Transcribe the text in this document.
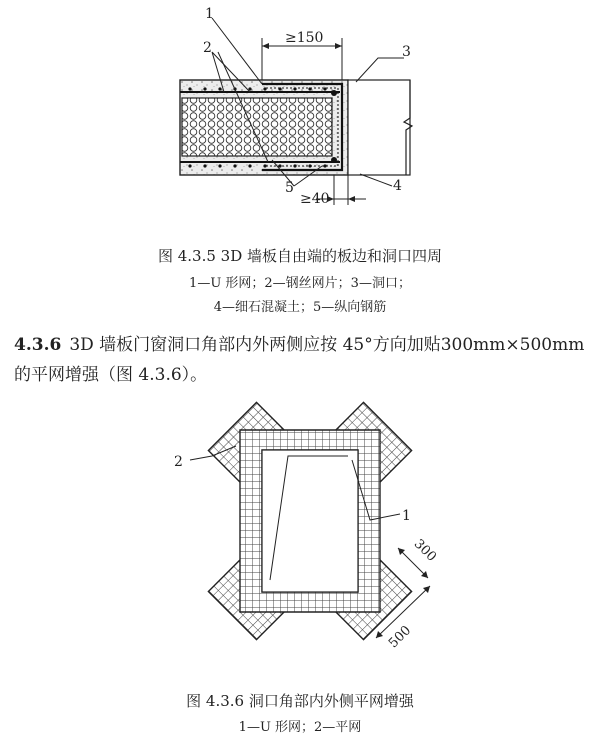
≥150
≥40
1
2	3
4
5
图 4.3.5 3D 墙板自由端的板边和洞口四周
1—U 形网；2—钢丝网片；3—洞口；
4—细石混凝土；5—纵向钢筋
4.3.6 3D 墙板门窗洞口角部内外两侧应按 45°方向加贴300mm×500mm 的平网增强（图 4.3.6）。
2
1
300
500
图 4.3.6 洞口角部内外侧平网增强
1—U 形网；2—平网
